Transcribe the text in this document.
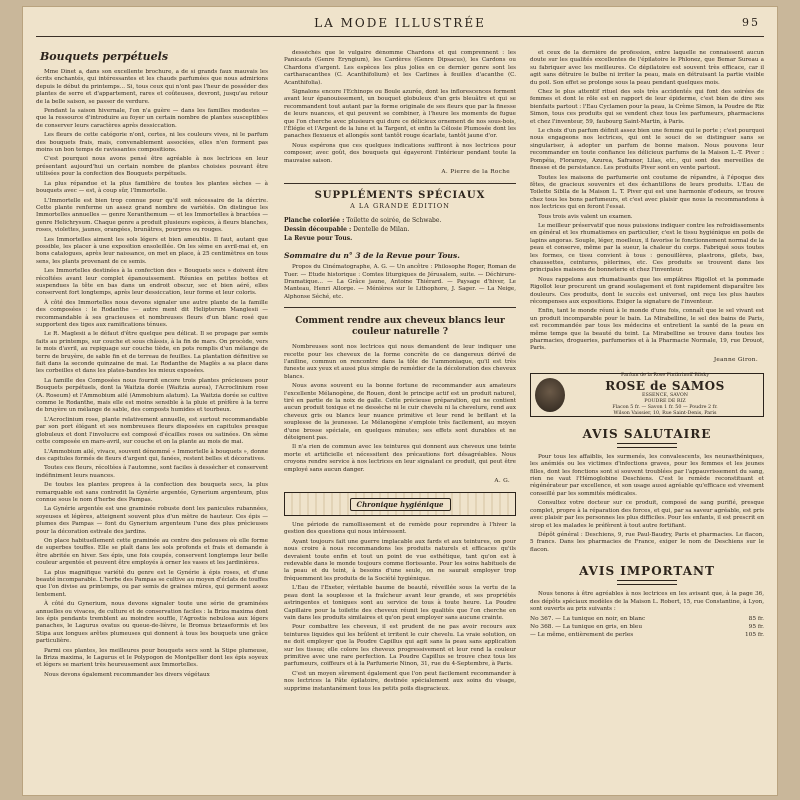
LA MODE ILLUSTRÉE	95
Bouquets perpétuels

Mme Dinet a, dans son excellente brochure, a de si grands faux mauvais les écrits enchantés, qui intéressantes et les chauds parfumées que nous admirions depuis le début du printemps... Si, tous ceux qui n'ont pas l'heur de posséder des plantes de serre et d'appartement, rares et coûteuses, devront, jusqu'au retour de la belle saison, se passer de verdure.

Pendant la saison hivernale, l'on n'a guère — dans les familles modestes — que la ressource d'introduire au foyer un certain nombre de plantes susceptibles de conserver leurs caractères après dessiccation.

Les fleurs de cette catégorie n'ont, certes, ni les couleurs vives, ni le parfum des bouquets frais, mais, convenablement associées, elles n'en forment pas moins un bon temps de ravissantes compositions.

C'est pourquoi nous avons pensé être agréable à nos lectrices en leur présentant aujourd'hui un certain nombre de plantes choisies pouvant être utilisées pour la confection des Bouquets perpétuels.

La plus répandue et la plus familière de toutes les plantes sèches — à bouquets avec — est, à coup sûr, l'Immortelle.

L'Immortelle est bien trop connue pour qu'il soit nécessaire de la décrire. Cette plante renferme un assez grand nombre de variétés. On distingue les Immortelles annuelles — genre Xeranthemum — et les Immortelles à bractées — genre Helichrysum. Chaque genre a produit plusieurs espèces, à fleurs blanches, roses, violettes, jaunes, orangées, brunâtres, pourpres ou rouges.

Les Immortelles aiment les sols légers et bien ameublis. Il faut, autant que possible, les placer à une exposition ensoleillée. On les sème en avril-mai et, en bons catalogues, après leur naissance, on met en place, à 25 centimètres en tous sens, les plants provenant de ce semis.

Les Immortelles destinées à la confection des « Bouquets secs » doivent être récoltées avant leur complet épanouissement. Réunies en petites bottes et suspendues la tête en bas dans un endroit obscur, sec et bien aéré, elles conservent fort longtemps, après leur dessiccation, leur forme et leur coloris.

À côté des Immortelles nous devons signaler une autre plante de la famille des composées : le Rodanthe — autre ment dit Helipterum Manglesii — recommandable à ses gracieuses et nombreuses fleurs d'un blanc rosé que supportent des tiges aux ramifications ténues.

Le R. Maglesii a le défaut d'être quelque peu délicat. Il se propage par semis faits au printemps, sur couche et sous châssis, à la fin de mars. On procède, vers le mois d'avril, au repiquage sur couche tiède, en pots remplis d'un mélange de terre de bruyère, de sable fin et de terreau de feuilles. La plantation définitive se fait dans la seconde quinzaine de mai. Le Rodanthe de Maglès a sa place dans les corbeilles et dans les plates-bandes les mieux exposées.

La famille des Composées nous fournit encore trois plantes précieuses pour Bouquets perpétuels, dont la Waitzia dorée (Waitzia aurea), l'Acroclinium rose (A. Roseum) et l'Ammobium ailé (Ammobium alatum). La Waitzia dorée se cultive comme le Rodanthe, mais elle est moins sensible à la pluie et préfère à la terre de bruyère un mélange de sable, des composts humides et tourbeux.

L'Acroclinium rose, plante relativement annuelle, est surtout recommandable par son port élégant et ses nombreuses fleurs disposées en capitules presque globuleux et dont l'involucre est composé d'écailles roses ou satinées. On sème cette composée en mars-avril, sur couche et on la plante au mois de mai.

L'Ammobium ailé, vivace, souvent dénommé « Immortelle à bouquets », donne des capitules formés de fleurs d'argent qui, fanées, restent belles et décoratives.

Toutes ces fleurs, récoltées à l'automne, sont faciles à dessécher et conservent indéfiniment leurs nuances.

De toutes les plantes propres à la confection des bouquets secs, la plus remarquable est sans contredit la Gynérie argentée, Gynerium argenteum, plus connue sous le nom d'herbe des Pampas.

La Gynérie argentée est une graminée robuste dont les panicules rubannées, soyeuses et légères, atteignent souvent plus d'un mètre de hauteur. Ces épis — plumes des Pampas — font du Gynerium argenteum l'une des plus précieuses pour la décoration estivale des jardins.

On place habituellement cette graminée au centre des pelouses où elle forme de superbes touffes. Elle se plaît dans les sols profonds et frais et demande à être abritée en hiver. Ses épis, une fois coupés, conservent longtemps leur belle couleur argentée et peuvent être employés à orner les vases et les jardinières.

La plus magnifique variété du genre est le Gynérie à épis roses, et d'une beauté incomparable. L'herbe des Pampas se cultive au moyen d'éclats de touffes que l'on divise au printemps, ou par semis de graines mûres, qui germent assez lentement.

À côté du Gynerium, nous devons signaler toute une série de graminées annuelles ou vivaces, de culture et de conservation faciles : la Briza maxima dont les épis pendants tremblent au moindre souffle, l'Agrostis nebulosa aux légers panaches, le Lagurus ovatus ou queue-de-lièvre, le Bromus brizaeformis et les Stipa aux longues arêtes plumeuses qui donnent à tous les bouquets une grâce particulière.

Parmi ces plantes, les meilleures pour bouquets secs sont la Stipe plumeuse, la Briza maxima, le Lagurus et le Polypogon de Montpellier dont les épis soyeux et légers se marient très heureusement aux Immortelles.

Nous devons également recommander les divers végétaux

desséchés que le vulgaire dénomme Chardons et qui comprennent : les Panicauts (Genre Eryngium), les Cardères (Genre Dipsacus), les Cardons ou Chardons d'argent. Les espèces les plus jolies en ce dernier genre sont les cartharacanthes (C. Acanthifolium) et les Carlines à feuilles d'acanthe (C. Acanthifolia).

Signalons encore l'Echinops ou Boule azurée, dont les inflorescences forment avant leur épanouissement, un bouquet globuleux d'un gris bleuâtre et qui se recommandent tout autant par la forme originale de ses fleurs que par la finesse de leurs nuances, et qui peuvent se combiner, à l'heure les moments de fugue que l'on cherche avec plusieurs qui dure ce délicieux ornement de nos sous-bois, l'Élégie et l'Argent de la lune et la Targent, et enfin la Célosie Plumosée dont les panaches flexueux et allongés sont tantôt rouge écarlate, tantôt jaune d'or.

Nous espérons que ces quelques indications suffiront à nos lectrices pour composer, avec goût, des bouquets qui égayeront l'intérieur pendant toute la mauvaise saison.

A. Pierre de la Roche
SUPPLÉMENTS SPÉCIAUX
A LA GRANDE ÉDITION
Planche coloriée : Toilette de soirée, de Schwabe.
Dessin découpable : Dentelle de Milan.
La Revue pour Tous.
Sommaire du n° 3 de la Revue pour Tous.
Propos du Cinématographe, A. G. — Un ancêtre : Philosophe Roger, Roman de Tuer. — Etude historique : Comtes liturgiques de Jérusalem, suite. — Déchirure-Dramatique... — La Grâce jaune, Antoine Thiérard. — Paysage d'hiver, Le Manteau, Henri Allorge. — Ménières sur le Lithophore, J. Sager. — La Neige, Alphonse Séché, etc.
Comment rendre aux cheveux blancs leur couleur naturelle ?

Nombreuses sont nos lectrices qui nous demandent de leur indiquer une recette pour les cheveux de la forme concrète de ce dangereux dérivé de l'aniline, commun on rencontre dans la tôle de l'ammoniaque, qu'il est très funeste aux yeux et aussi plus simple de remédier de la décoloration des cheveux blancs.

Nous avons souvent eu la bonne fortune de recommander aux amateurs l'excellente Mélanogène, de Rouen, dont le principe actif est un produit naturel, tiré en partie de la noix de galle. Cette précieuse préparation, qui ne contient aucun produit toxique et ne dessèche ni le cuir chevelu ni la chevelure, rend aux cheveux gris ou blancs leur nuance primitive et leur rend le brillant et la souplesse de la jeunesse. Le Mélanogène s'emploie très facilement, au moyen d'une brosse spéciale, en quelques minutes; ses effets sont durables et ne déteignent pas.

Il n'a rien de commun avec les teintures qui donnent aux cheveux une teinte morte et artificielle et nécessitent des précautions fort désagréables. Nous croyons rendre service à nos lectrices en leur signalant ce produit, qui peut être employé sans aucun danger.

A. G.
Chronique hygiénique

Une période de ramollissement et de remède pour reprendre à l'hiver la gestion des questions qui nous intéressent.

Ayant toujours fait une guerre implacable aux fards et aux teintures, on pour nous croire à nous recommandons les produits naturels et efficaces qu'ils devraient toute enfin et tout un point de vue esthétique, tant qu'on est à redevable dans le monde toujours comme florissante. Pour les soins habituels de la peau et du teint, à besoins d'une seule, on ne saurait employer trop fréquemment les produits de la Société hygiénique.

L'Eau de l'Exeter, véritable baume de beauté, réveillée sous la vertu de la peau dont la souplesse et la fraîcheur avant leur grande, et ses propriétés astringentes et toniques sont au service de tous à toute heure. La Poudre Capillaire pour la toilette des cheveux réunit les qualités que l'on cherche en vain dans les produits similaires et qu'on peut employer sans aucune crainte.

Pour combattre les cheveux, il est prudent de ne pas avoir recours aux teintures liquides qui les brûlent et irritent le cuir chevelu. La vraie solution, on ne doit employer que la Poudre Capillus qui agit sans la peau sans application sur les tissus; elle colore les cheveux progressivement et leur rend la couleur primitive avec une rare perfection. La Poudre Capillus se trouve chez tous les parfumeurs, coiffeurs et à la Parfumerie Ninon, 31, rue du 4-Septembre, à Paris.

C'est un moyen sûrement également que l'on peut facilement recommander à nos lectrices la Pâte épilatoire, destinée spécialement aux soins du visage, supprime instantanément tous les petits poils disgracieux.

et ceux de la dernière de profession, entre laquelle ne connaissent aucun doute sur les qualités excellentes de l'épilatoire le Phlonez, que Bemar Sureau a su fabriquer avec les meilleures. Ce dépilatoire est souvent très efficace, car il agit sans détruire le bulbe ni irriter la peau, mais en détruisant la partie visible du poil. Son effet se prolonge sous la peau pendant quelques mois.

Chez le plus attentif rituel des sols très accidentés qui font des soirées de femmes et dont le rôle est en rapport de leur épiderme, c'est bien de dire ses bienfaits partout : l'Eau Cyclamen pour la peau, la Crème Simon, la Poudre de Riz Simon, tous ces produits qui se vendent chez tous les parfumeurs, pharmaciens et chez l'inventeur, 59, faubourg Saint-Martin, à Paris.

Le choix d'un parfum définit assez bien une femme qui le porte ; c'est pourquoi nous engageons nos lectrices, qui ont le souci de se distinguer sans se singulariser, à adopter un parfum de bonne maison. Nous pouvons leur recommander en toute confiance les délicieux parfums de la Maison L.-T. Piver : Pompéia, Floramye, Azurea, Safranor, Lilas, etc., qui sont des merveilles de finesse et de persistance. Les produits Piver sont en vente partout.

Toutes les maisons de parfumerie ont coutume de répandre, à l'époque des fêtes, de gracieux souvenirs et des échantillons de leurs produits. L'Eau de Toilette Siblla de la Maison L. T. Piver qui est une harmonie d'odeurs, se trouve chez tous les bons parfumeurs, et c'est avec plaisir que nous la recommandons à nos lectrices qui en feront l'essai.

Tous trois avis valent un examen.

Le meilleur préservatif que nous puissions indiquer contre les refroidissements en général et les rhumatismes en particulier, c'est le tissu hygiénique en poils de lapins angoras. Souple, léger, moelleux, il favorise le fonctionnement normal de la peau et conserve, même par la sueur, la chaleur du corps. Fabriqué sous toutes les formes, ce tissu convient à tous : genouillères, plastrons, gilets, bas, chaussettes, ceintures, pèlerines, etc. Ces produits se trouvent dans les principales maisons de bonneterie et chez l'inventeur.

Nous rappelons aux rhumatisants que les emplâtres Rigollot et la pommade Rigollot leur procurent un grand soulagement et font rapidement disparaître les douleurs. Ces produits, dont le succès est universel, ont reçu les plus hautes récompenses aux expositions. Exiger la signature de l'inventeur.

Enfin, tant le monde réuni à le monde d'une fois, connaît que le sel vivant est un produit incomparable pour le bain. La Mirabelline, le sel des bains de Paris, est recommandée par tous les médecins et entretient la santé de la peau en même temps que la beauté du teint. La Mirabelline se trouve dans toutes les pharmacies, drogueries, parfumeries et à la Pharmacie Normale, 19, rue Drouot, Paris.

Jeanne Giron.
Parfum de la Rose Pinthrinoff Bilsky
ROSE de SAMOS
ESSENCE, SAVON
POUDRE DE RIZ
Flacon 5 fr. — Savon 1 fr. 50 — Poudre 2 fr.
Wilson Vaissier, 10, Rue Saint-Denis, Paris
AVIS SALUTAIRE

Pour tous les affaiblis, les surmenés, les convalescents, les neurasthéniques, les anémiés ou les victimes d'infections graves, pour les femmes et les jeunes filles, dont les fonctions sont si souvent troublées par l'appauvrissement du sang, rien ne vaut l'Hémoglobine Deschiens. C'est le remède reconstituant et régénérateur par excellence, et son usage aussi agréable qu'efficace est vivement conseillé par les sommités médicales.

Consultez votre docteur sur ce produit, composé de sang purifié, presque complet, propre à la réparation des forces, et qui, par sa saveur agréable, est pris avec plaisir par les personnes les plus difficiles. Pour les enfants, il est prescrit en sirop et les malades le préfèrent à tout autre fortifiant.

Dépôt général : Deschiens, 9, rue Paul-Baudry, Paris et pharmacies. Le flacon, 5 francs. Dans les pharmacies de France, exiger le nom de Deschiens sur le flacon.

AVIS IMPORTANT
Nous tenons à être agréables à nos lectrices en les avisant que, à la page 36, des dépôts spéciaux modèles de la Maison L. Robert, 15, rue Constantine, à Lyon, sont ouverts au prix suivants :
No 367. — La tunique en noir, en blanc	85 fr.
No 368. — La tunique en gris, en bleu	95 fr.
— Le même, entièrement de perles	105 fr.
